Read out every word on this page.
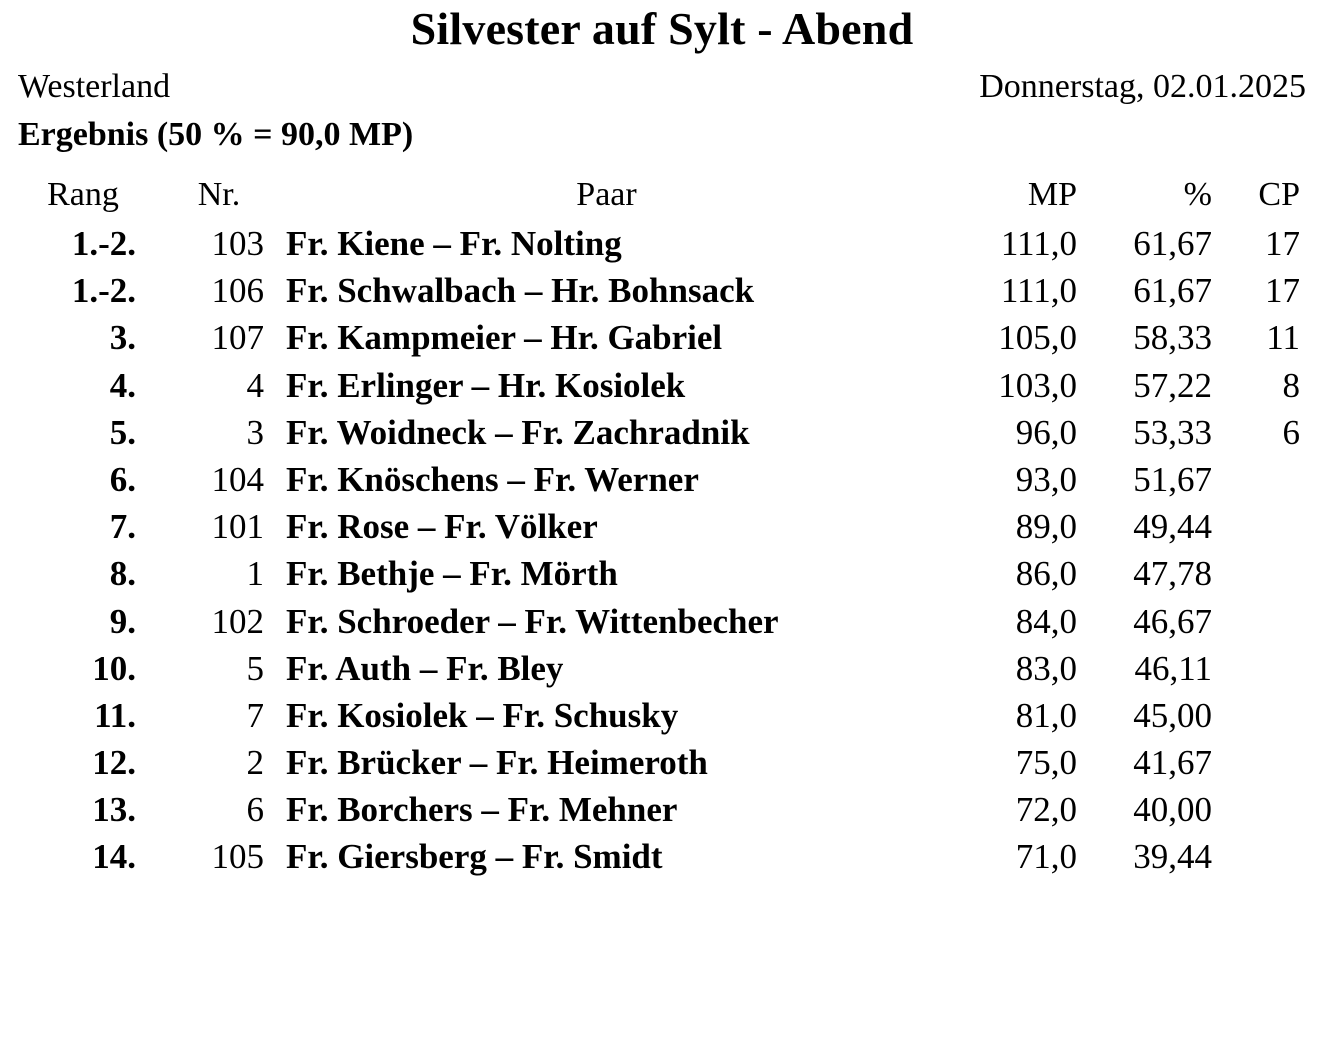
Silvester auf Sylt - Abend
Westerland	Donnerstag, 02.01.2025
Ergebnis (50 % = 90,0 MP)
Rang	Nr.	Paar	MP	%	CP
1.-2.	103	Fr. Kiene – Fr. Nolting	111,0	61,67	17
1.-2.	106	Fr. Schwalbach – Hr. Bohnsack	111,0	61,67	17
3.	107	Fr. Kampmeier – Hr. Gabriel	105,0	58,33	11
4.	4	Fr. Erlinger – Hr. Kosiolek	103,0	57,22	8
5.	3	Fr. Woidneck – Fr. Zachradnik	96,0	53,33	6
6.	104	Fr. Knöschens – Fr. Werner	93,0	51,67	
7.	101	Fr. Rose – Fr. Völker	89,0	49,44	
8.	1	Fr. Bethje – Fr. Mörth	86,0	47,78	
9.	102	Fr. Schroeder – Fr. Wittenbecher	84,0	46,67	
10.	5	Fr. Auth – Fr. Bley	83,0	46,11	
11.	7	Fr. Kosiolek – Fr. Schusky	81,0	45,00	
12.	2	Fr. Brücker – Fr. Heimeroth	75,0	41,67	
13.	6	Fr. Borchers – Fr. Mehner	72,0	40,00	
14.	105	Fr. Giersberg – Fr. Smidt	71,0	39,44	
